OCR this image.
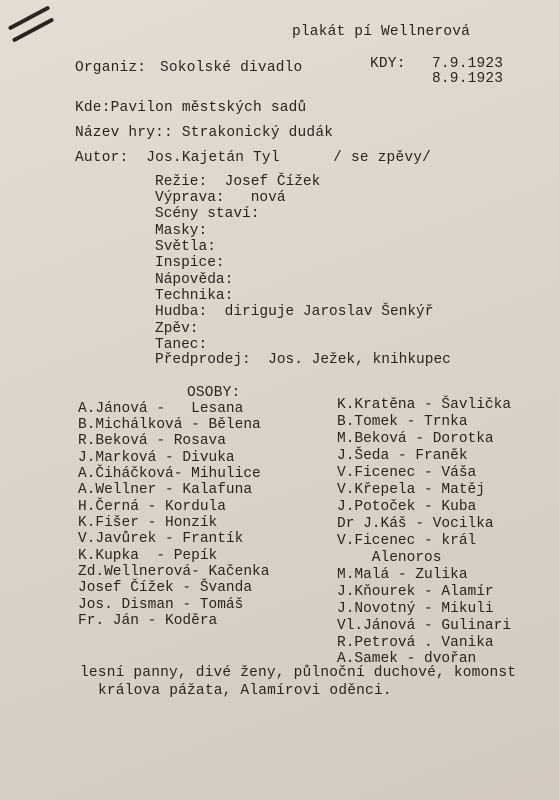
plakát pí Wellnerová
Organiz: Sokolské divadlo	KDY: 7.9.1923
8.9.1923
Kde:Pavilon městských sadů
Název hry:: Strakonický dudák
Autor:  Jos.Kajetán Tyl      / se zpěvy/
Režie:  Josef Čížek
Výprava:   nová
Scény staví:
Masky:
Světla:
Inspice:
Nápověda:
Technika:
Hudba:  diriguje Jaroslav Šenkýř
Zpěv:
Tanec:
Předprodej:  Jos. Ježek, knihkupec
OSOBY:
A.Jánová -   Lesana
B.Michálková - Bělena
R.Beková - Rosava
J.Marková - Divuka
A.Čiháčková- Mihulice
A.Wellner - Kalafuna
H.Černá - Kordula
K.Fišer - Honzík
V.Javůrek - Frantík
K.Kupka  - Pepík
Zd.Wellnerová- Kačenka
Josef Čížek - Švanda
Jos. Disman - Tomáš
Fr. Ján - Koděra
K.Kratěna - Šavlička
B.Tomek - Trnka
M.Beková - Dorotka
J.Šeda - Franěk
V.Ficenec - Váša
V.Křepela - Matěj
J.Potoček - Kuba
Dr J.Káš - Vocilka
V.Ficenec - král
Alenoros
M.Malá - Zulika
J.Kňourek - Alamír
J.Novotný - Mikuli
Vl.Jánová - Gulinari
R.Petrová . Vanika
A.Samek - dvořan
lesní panny, divé ženy, půlnoční duchové, komonst
králova pážata, Alamírovi oděnci.
